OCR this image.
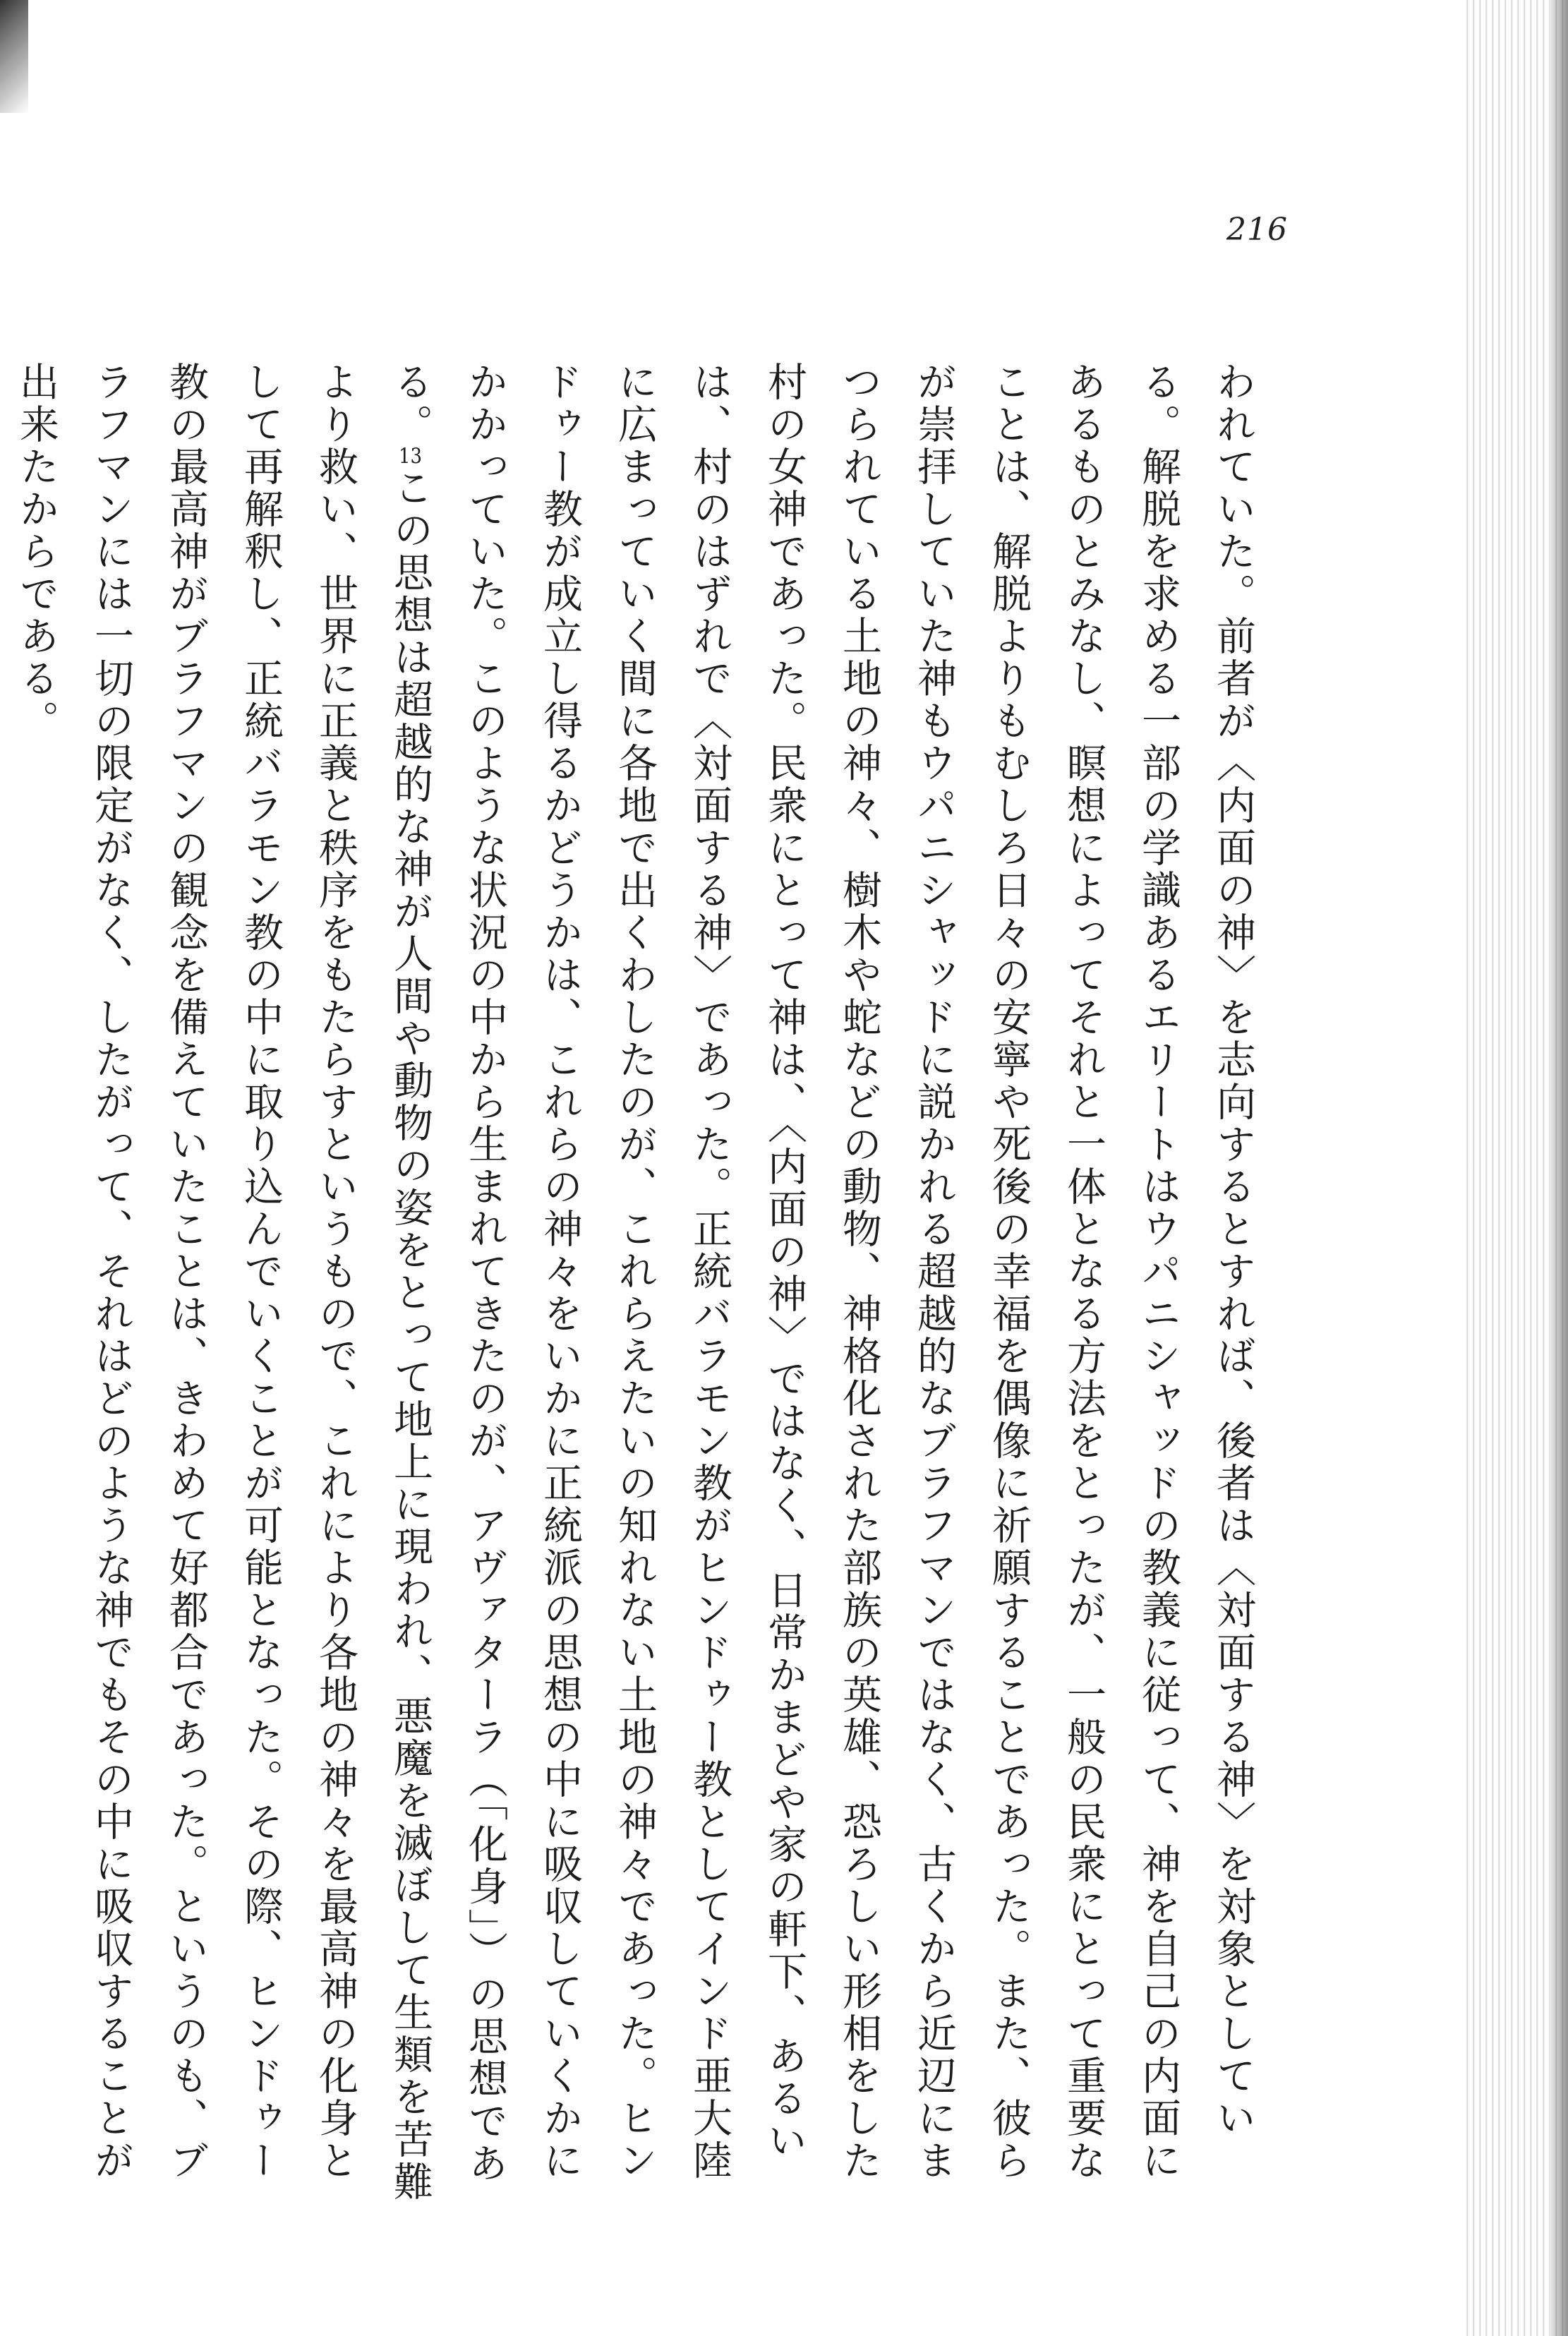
216

われていた。前者が〈内面の神〉を志向するとすれば、後者は〈対面する神〉を対象としている。解脱を求める一部の学識あるエリートはウパニシャッドの教義に従って、神を自己の内面にあるものとみなし、瞑想によってそれと一体となる方法をとったが、一般の民衆にとって重要なことは、解脱よりもむしろ日々の安寧や死後の幸福を偶像に祈願することであった。また、彼らが崇拝していた神もウパニシャッドに説かれる超越的なブラフマンではなく、古くから近辺にまつられている土地の神々、樹木や蛇などの動物、神格化された部族の英雄、恐ろしい形相をした村の女神であった。民衆にとって神は、〈内面の神〉ではなく、日常かまどや家の軒下、あるいは、村のはずれで〈対面する神〉であった。正統バラモン教がヒンドゥー教としてインド亜大陸に広まっていく間に各地で出くわしたのが、これらえたいの知れない土地の神々であった。ヒンドゥー教が成立し得るかどうかは、これらの神々をいかに正統派の思想の中に吸収していくかにかかっていた。このような状況の中から生まれてきたのが、アヴァターラ（「化身」）の思想である。13この思想は超越的な神が人間や動物の姿をとって地上に現われ、悪魔を滅ぼして生類を苦難より救い、世界に正義と秩序をもたらすというもので、これにより各地の神々を最高神の化身として再解釈し、正統バラモン教の中に取り込んでいくことが可能となった。その際、ヒンドゥー教の最高神がブラフマンの観念を備えていたことは、きわめて好都合であった。というのも、ブラフマンには一切の限定がなく、したがって、それはどのような神でもその中に吸収することが出来たからである。
